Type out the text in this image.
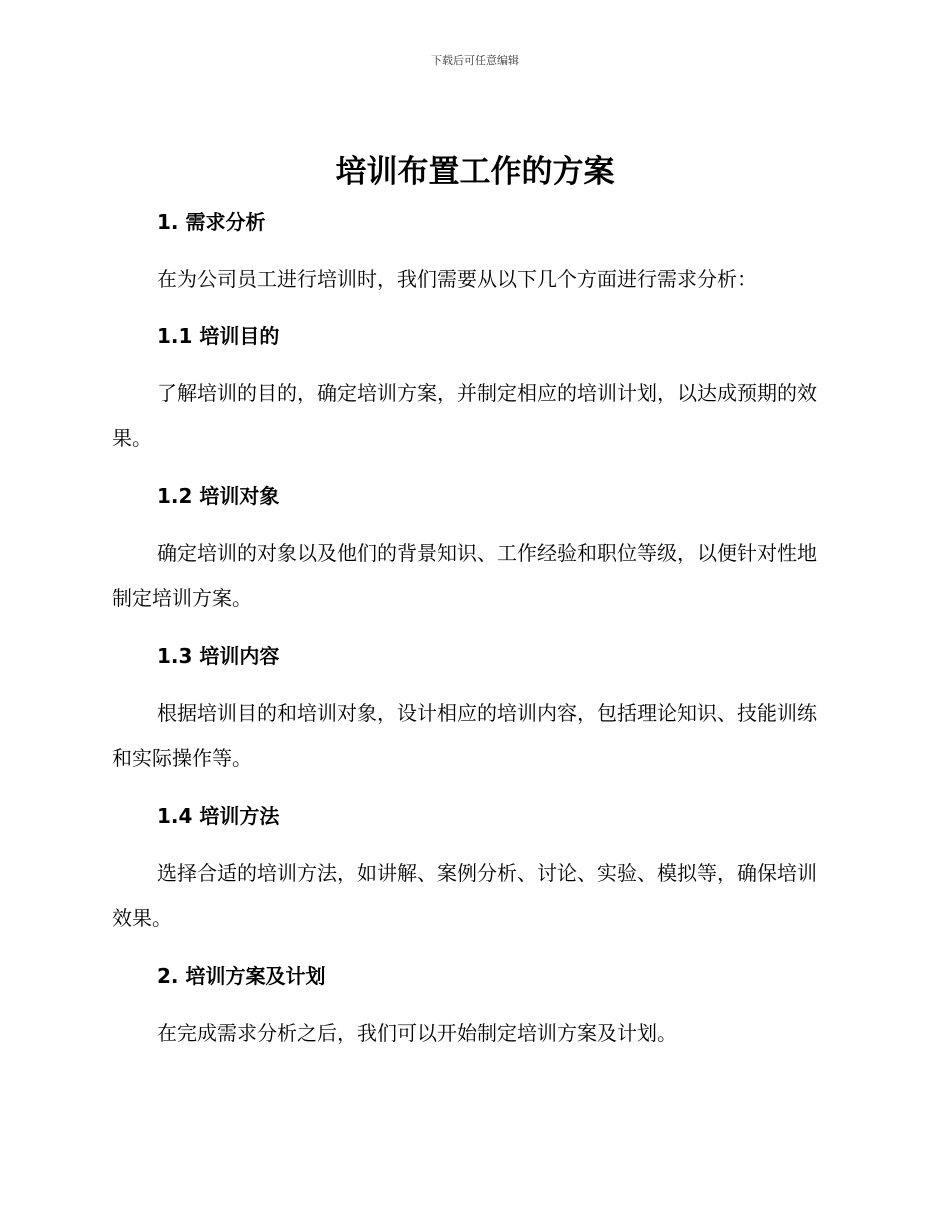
下载后可任意编辑
培训布置工作的方案
1. 需求分析

在为公司员工进行培训时，我们需要从以下几个方面进行需求分析：

1.1 培训目的

了解培训的目的，确定培训方案，并制定相应的培训计划，以达成预期的效果。

1.2 培训对象

确定培训的对象以及他们的背景知识、工作经验和职位等级，以便针对性地制定培训方案。

1.3 培训内容

根据培训目的和培训对象，设计相应的培训内容，包括理论知识、技能训练和实际操作等。

1.4 培训方法

选择合适的培训方法，如讲解、案例分析、讨论、实验、模拟等，确保培训效果。

2. 培训方案及计划

在完成需求分析之后，我们可以开始制定培训方案及计划。
